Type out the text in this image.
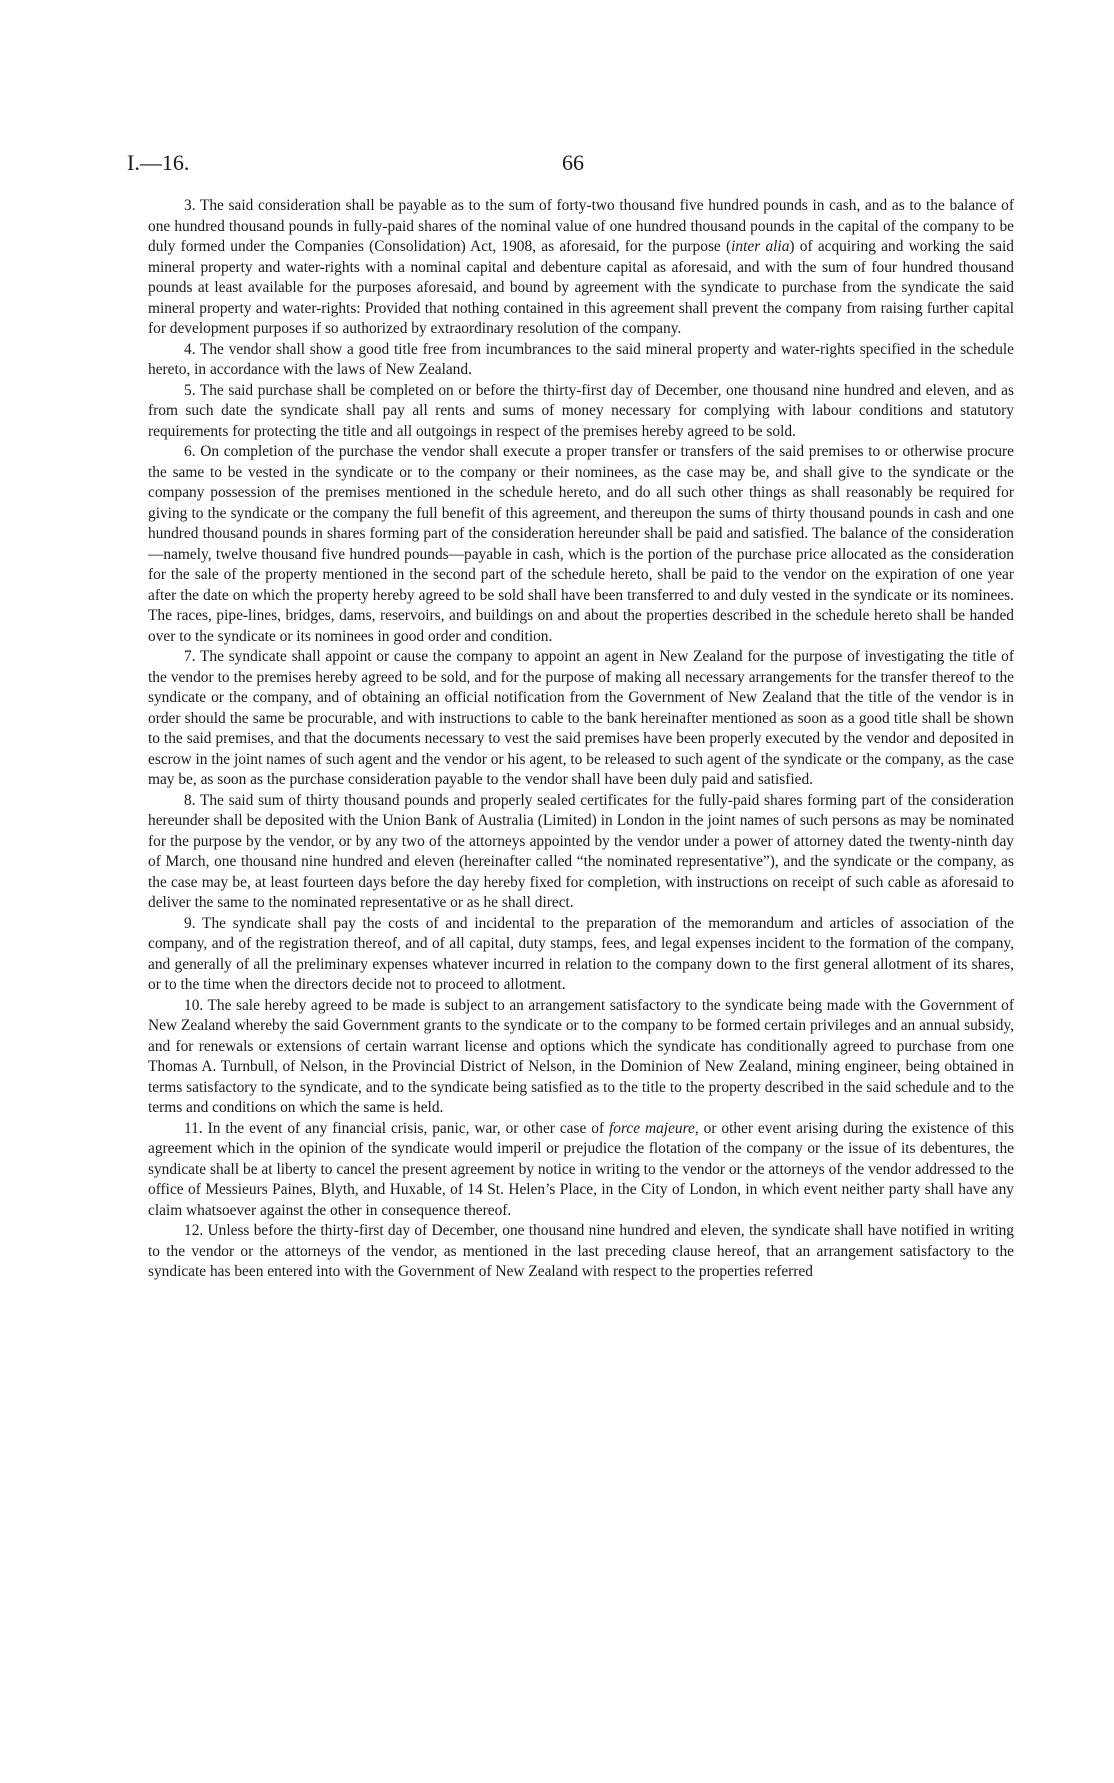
I.—16.	66

3. The said consideration shall be payable as to the sum of forty-two thousand five hundred pounds in cash, and as to the balance of one hundred thousand pounds in fully-paid shares of the nominal value of one hundred thousand pounds in the capital of the company to be duly formed under the Companies (Consolidation) Act, 1908, as aforesaid, for the purpose (inter alia) of acquiring and working the said mineral property and water-rights with a nominal capital and debenture capital as aforesaid, and with the sum of four hundred thousand pounds at least available for the purposes aforesaid, and bound by agreement with the syndicate to purchase from the syndicate the said mineral property and water-rights: Provided that nothing contained in this agreement shall prevent the company from raising further capital for development purposes if so authorized by extraordinary resolution of the company.

4. The vendor shall show a good title free from incumbrances to the said mineral property and water-rights specified in the schedule hereto, in accordance with the laws of New Zealand.

5. The said purchase shall be completed on or before the thirty-first day of December, one thousand nine hundred and eleven, and as from such date the syndicate shall pay all rents and sums of money necessary for complying with labour conditions and statutory requirements for protecting the title and all outgoings in respect of the premises hereby agreed to be sold.

6. On completion of the purchase the vendor shall execute a proper transfer or transfers of the said premises to or otherwise procure the same to be vested in the syndicate or to the company or their nominees, as the case may be, and shall give to the syndicate or the company possession of the premises mentioned in the schedule hereto, and do all such other things as shall reasonably be required for giving to the syndicate or the company the full benefit of this agreement, and thereupon the sums of thirty thousand pounds in cash and one hundred thousand pounds in shares forming part of the consideration hereunder shall be paid and satisfied. The balance of the consideration—namely, twelve thousand five hundred pounds—payable in cash, which is the portion of the purchase price allocated as the consideration for the sale of the property mentioned in the second part of the schedule hereto, shall be paid to the vendor on the expiration of one year after the date on which the property hereby agreed to be sold shall have been transferred to and duly vested in the syndicate or its nominees. The races, pipe-lines, bridges, dams, reservoirs, and buildings on and about the properties described in the schedule hereto shall be handed over to the syndicate or its nominees in good order and condition.

7. The syndicate shall appoint or cause the company to appoint an agent in New Zealand for the purpose of investigating the title of the vendor to the premises hereby agreed to be sold, and for the purpose of making all necessary arrangements for the transfer thereof to the syndicate or the company, and of obtaining an official notification from the Government of New Zealand that the title of the vendor is in order should the same be procurable, and with instructions to cable to the bank hereinafter mentioned as soon as a good title shall be shown to the said premises, and that the documents necessary to vest the said premises have been properly executed by the vendor and deposited in escrow in the joint names of such agent and the vendor or his agent, to be released to such agent of the syndicate or the company, as the case may be, as soon as the purchase consideration payable to the vendor shall have been duly paid and satisfied.

8. The said sum of thirty thousand pounds and properly sealed certificates for the fully-paid shares forming part of the consideration hereunder shall be deposited with the Union Bank of Australia (Limited) in London in the joint names of such persons as may be nominated for the purpose by the vendor, or by any two of the attorneys appointed by the vendor under a power of attorney dated the twenty-ninth day of March, one thousand nine hundred and eleven (hereinafter called “the nominated representative”), and the syndicate or the company, as the case may be, at least fourteen days before the day hereby fixed for completion, with instructions on receipt of such cable as aforesaid to deliver the same to the nominated representative or as he shall direct.

9. The syndicate shall pay the costs of and incidental to the preparation of the memorandum and articles of association of the company, and of the registration thereof, and of all capital, duty stamps, fees, and legal expenses incident to the formation of the company, and generally of all the preliminary expenses whatever incurred in relation to the company down to the first general allotment of its shares, or to the time when the directors decide not to proceed to allotment.

10. The sale hereby agreed to be made is subject to an arrangement satisfactory to the syndicate being made with the Government of New Zealand whereby the said Government grants to the syndicate or to the company to be formed certain privileges and an annual subsidy, and for renewals or extensions of certain warrant license and options which the syndicate has conditionally agreed to purchase from one Thomas A. Turnbull, of Nelson, in the Provincial District of Nelson, in the Dominion of New Zealand, mining engineer, being obtained in terms satisfactory to the syndicate, and to the syndicate being satisfied as to the title to the property described in the said schedule and to the terms and conditions on which the same is held.

11. In the event of any financial crisis, panic, war, or other case of force majeure, or other event arising during the existence of this agreement which in the opinion of the syndicate would imperil or prejudice the flotation of the company or the issue of its debentures, the syndicate shall be at liberty to cancel the present agreement by notice in writing to the vendor or the attorneys of the vendor addressed to the office of Messieurs Paines, Blyth, and Huxable, of 14 St. Helen’s Place, in the City of London, in which event neither party shall have any claim whatsoever against the other in consequence thereof.

12. Unless before the thirty-first day of December, one thousand nine hundred and eleven, the syndicate shall have notified in writing to the vendor or the attorneys of the vendor, as mentioned in the last preceding clause hereof, that an arrangement satisfactory to the syndicate has been entered into with the Government of New Zealand with respect to the properties referred
